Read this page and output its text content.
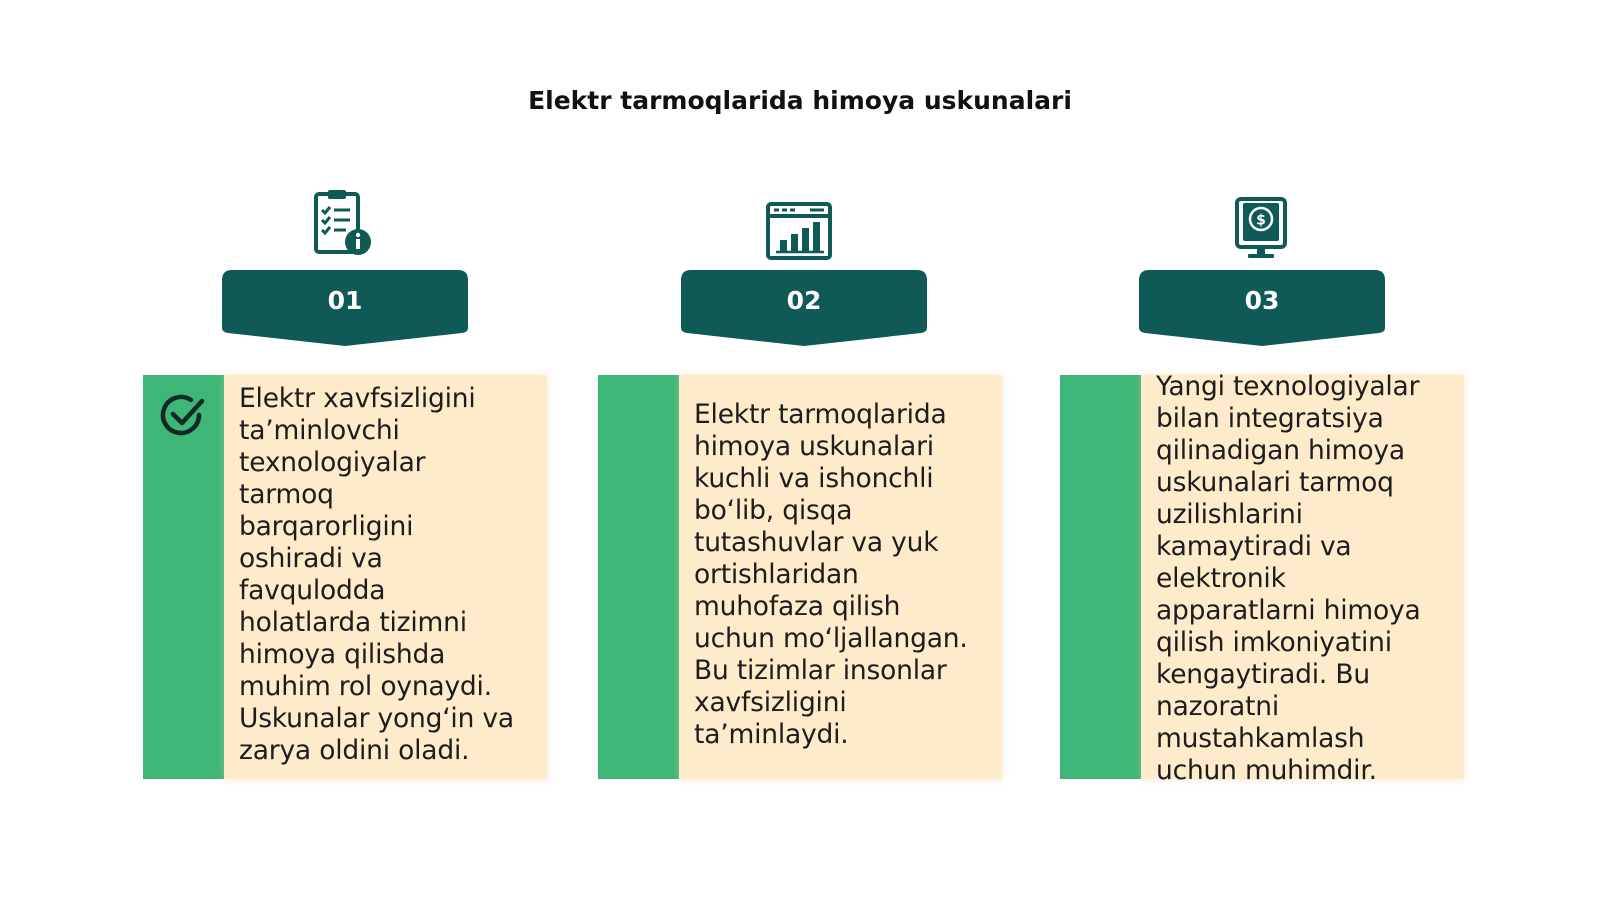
Elektr tarmoqlarida himoya uskunalari
01
Elektr xavfsizligini
ta’minlovchi
texnologiyalar
tarmoq
barqarorligini
oshiradi va
favqulodda
holatlarda tizimni
himoya qilishda
muhim rol oynaydi.
Uskunalar yong‘in va
zarya oldini oladi.
02
Elektr tarmoqlarida
himoya uskunalari
kuchli va ishonchli
bo‘lib, qisqa
tutashuvlar va yuk
ortishlaridan
muhofaza qilish
uchun mo‘ljallangan.
Bu tizimlar insonlar
xavfsizligini
ta’minlaydi.
$
03
Yangi texnologiyalar
bilan integratsiya
qilinadigan himoya
uskunalari tarmoq
uzilishlarini
kamaytiradi va
elektronik
apparatlarni himoya
qilish imkoniyatini
kengaytiradi. Bu
nazoratni
mustahkamlash
uchun muhimdir.
